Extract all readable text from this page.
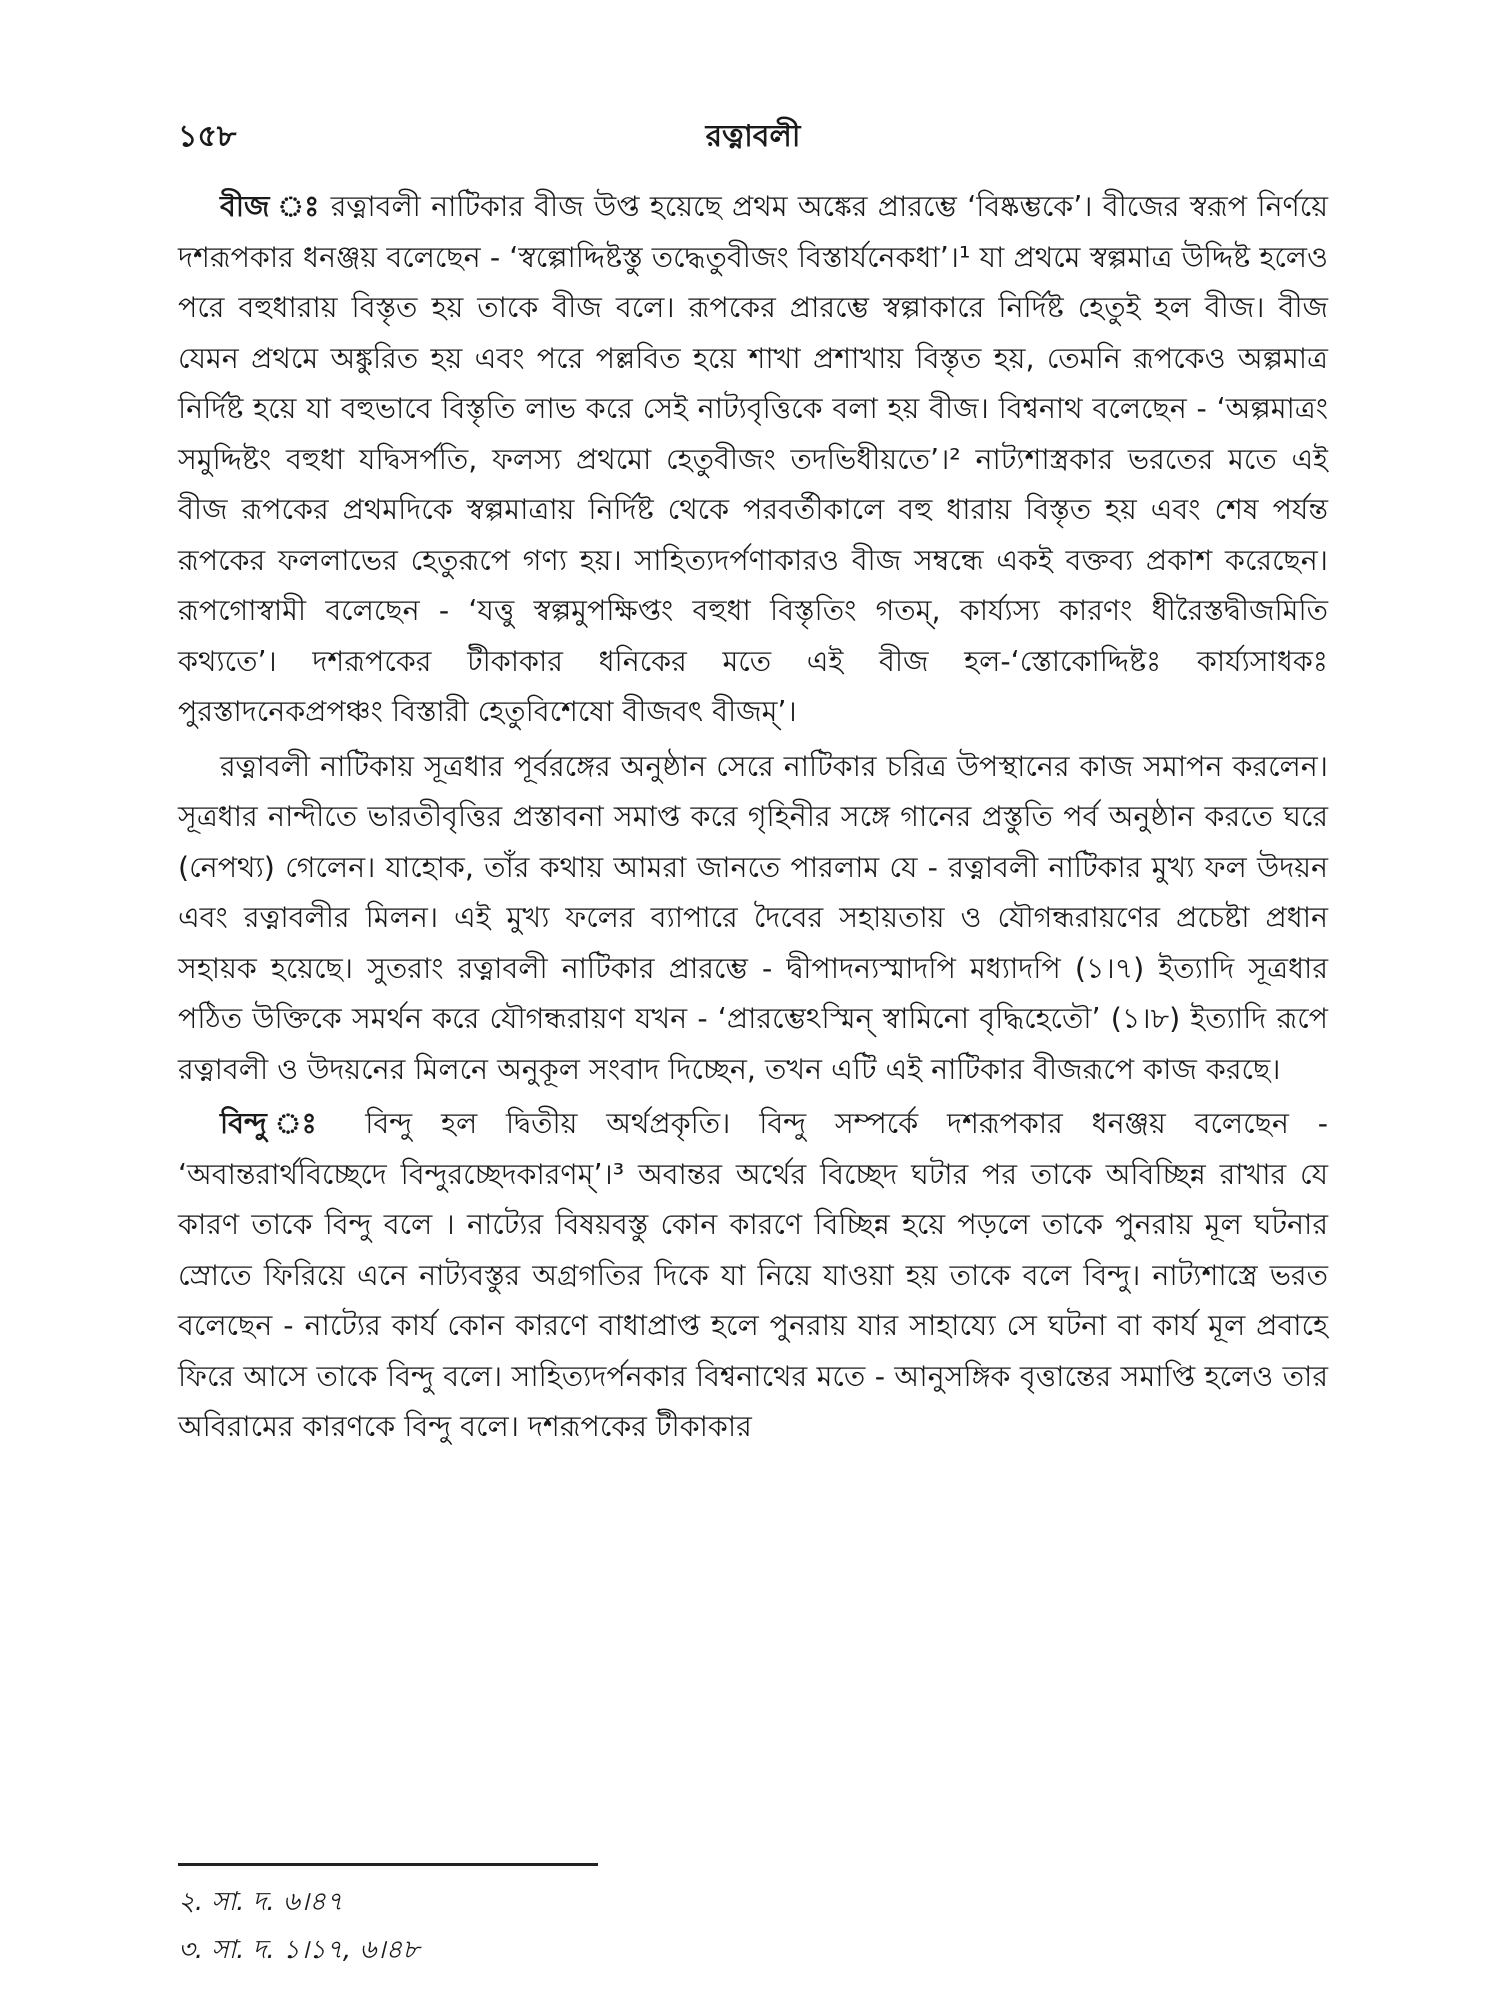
১৫৮	রত্নাবলী

বীজ ঃ রত্নাবলী নাটিকার বীজ উপ্ত হয়েছে প্রথম অঙ্কের প্রারম্ভে ‘বিষ্কম্ভকে’। বীজের স্বরূপ নির্ণয়ে দশরূপকার ধনঞ্জয় বলেছেন - ‘স্বল্পোদ্দিষ্টস্তু তদ্ধেতুবীজং বিস্তার্যনেকধা’।¹ যা প্রথমে স্বল্পমাত্র উদ্দিষ্ট হলেও পরে বহুধারায় বিস্তৃত হয় তাকে বীজ বলে। রূপকের প্রারম্ভে স্বল্পাকারে নির্দিষ্ট হেতুই হল বীজ। বীজ যেমন প্রথমে অঙ্কুরিত হয় এবং পরে পল্লবিত হয়ে শাখা প্রশাখায় বিস্তৃত হয়, তেমনি রূপকেও অল্পমাত্র নির্দিষ্ট হয়ে যা বহুভাবে বিস্তৃতি লাভ করে সেই নাট্যবৃত্তিকে বলা হয় বীজ। বিশ্বনাথ বলেছেন - ‘অল্পমাত্রং সমুদ্দিষ্টং বহুধা যদ্বিসর্পতি, ফলস্য প্রথমো হেতুবীজং তদভিধীয়তে’।² নাট্যশাস্ত্রকার ভরতের মতে এই বীজ রূপকের প্রথমদিকে স্বল্পমাত্রায় নির্দিষ্ট থেকে পরবর্তীকালে বহু ধারায় বিস্তৃত হয় এবং শেষ পর্যন্ত রূপকের ফললাভের হেতুরূপে গণ্য হয়। সাহিত্যদর্পণাকারও বীজ সম্বন্ধে একই বক্তব্য প্রকাশ করেছেন। রূপগোস্বামী বলেছেন - ‘যত্তু স্বল্পমুপক্ষিপ্তং বহুধা বিস্তৃতিং গতম্, কার্য্যস্য কারণং ধীরৈস্তদ্বীজমিতি কথ্যতে’। দশরূপকের টীকাকার ধনিকের মতে এই বীজ হল-‘স্তোকোদ্দিষ্টঃ কার্য্যসাধকঃ পুরস্তাদনেকপ্রপঞ্চং বিস্তারী হেতুবিশেষো বীজবৎ বীজম্’।

রত্নাবলী নাটিকায় সূত্রধার পূর্বরঙ্গের অনুষ্ঠান সেরে নাটিকার চরিত্র উপস্থানের কাজ সমাপন করলেন। সূত্রধার নান্দীতে ভারতীবৃত্তির প্রস্তাবনা সমাপ্ত করে গৃহিনীর সঙ্গে গানের প্রস্তুতি পর্ব অনুষ্ঠান করতে ঘরে (নেপথ্য) গেলেন। যাহোক, তাঁর কথায় আমরা জানতে পারলাম যে - রত্নাবলী নাটিকার মুখ্য ফল উদয়ন এবং রত্নাবলীর মিলন। এই মুখ্য ফলের ব্যাপারে দৈবের সহায়তায় ও যৌগন্ধরায়ণের প্রচেষ্টা প্রধান সহায়ক হয়েছে। সুতরাং রত্নাবলী নাটিকার প্রারম্ভে - দ্বীপাদন্যস্মাদপি মধ্যাদপি (১।৭) ইত্যাদি সূত্রধার পঠিত উক্তিকে সমর্থন করে যৌগন্ধরায়ণ যখন - ‘প্রারম্ভেঽস্মিন্ স্বামিনো বৃদ্ধিহেতৌ’ (১।৮) ইত্যাদি রূপে রত্নাবলী ও উদয়নের মিলনে অনুকূল সংবাদ দিচ্ছেন, তখন এটি এই নাটিকার বীজরূপে কাজ করছে।

বিন্দু ঃ বিন্দু হল দ্বিতীয় অর্থপ্রকৃতি। বিন্দু সম্পর্কে দশরূপকার ধনঞ্জয় বলেছেন - ‘অবান্তরার্থবিচ্ছেদে বিন্দুরচ্ছেদকারণম্’।³ অবান্তর অর্থের বিচ্ছেদ ঘটার পর তাকে অবিচ্ছিন্ন রাখার যে কারণ তাকে বিন্দু বলে । নাট্যের বিষয়বস্তু কোন কারণে বিচ্ছিন্ন হয়ে পড়লে তাকে পুনরায় মূল ঘটনার স্রোতে ফিরিয়ে এনে নাট্যবস্তুর অগ্রগতির দিকে যা নিয়ে যাওয়া হয় তাকে বলে বিন্দু। নাট্যশাস্ত্রে ভরত বলেছেন - নাট্যের কার্য কোন কারণে বাধাপ্রাপ্ত হলে পুনরায় যার সাহায্যে সে ঘটনা বা কার্য মূল প্রবাহে ফিরে আসে তাকে বিন্দু বলে। সাহিত্যদর্পনকার বিশ্বনাথের মতে - আনুসঙ্গিক বৃত্তান্তের সমাপ্তি হলেও তার অবিরামের কারণকে বিন্দু বলে। দশরূপকের টীকাকার

২. সা. দ. ৬।৪৭
৩. সা. দ. ১।১৭, ৬।৪৮
